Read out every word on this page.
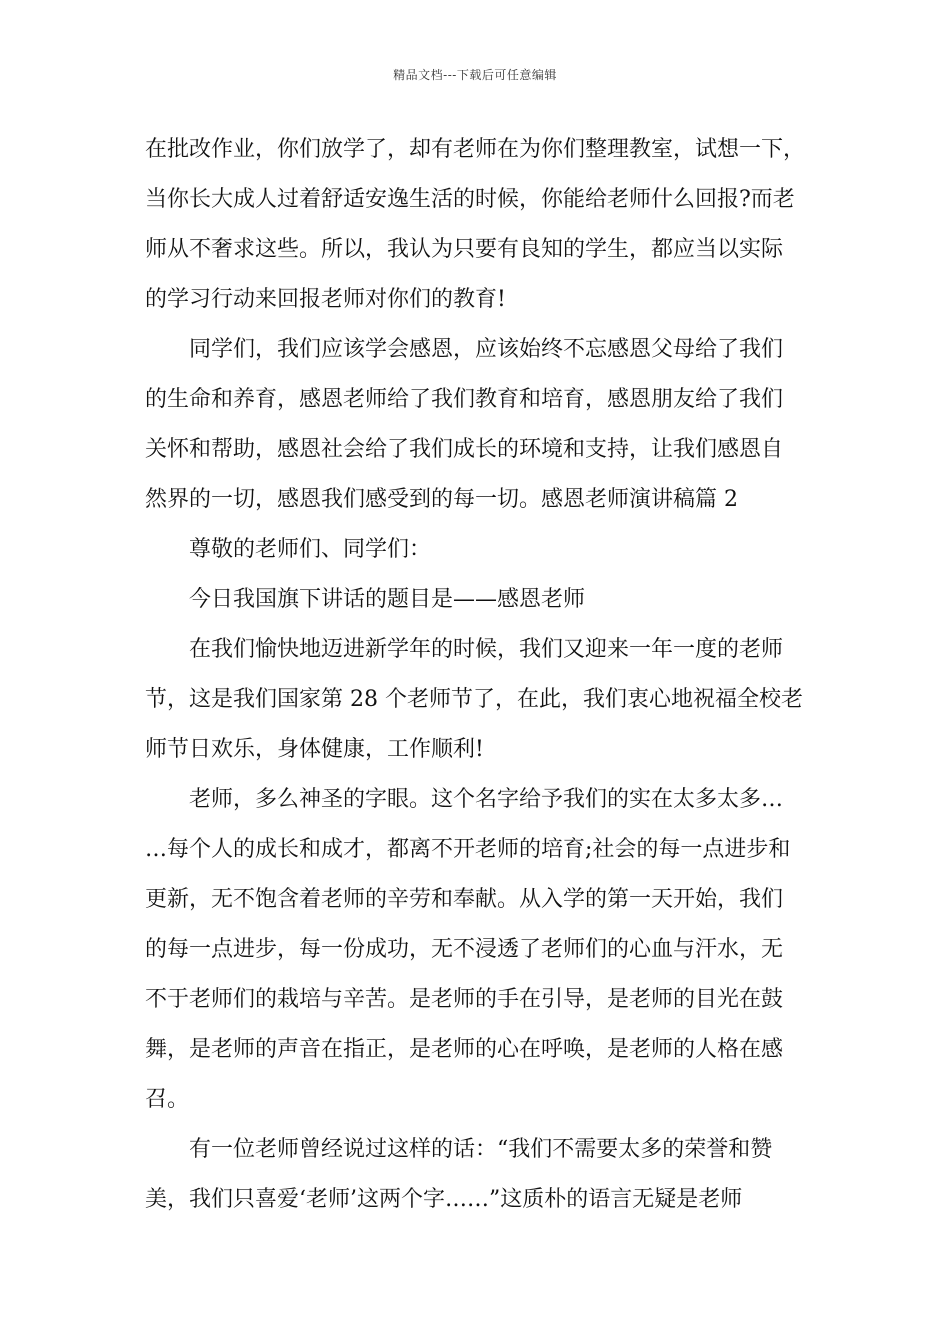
精品文档---下载后可任意编辑
在批改作业，你们放学了，却有老师在为你们整理教室，试想一下，
当你长大成人过着舒适安逸生活的时候，你能给老师什么回报?而老
师从不奢求这些。所以，我认为只要有良知的学生，都应当以实际
的学习行动来回报老师对你们的教育!
同学们，我们应该学会感恩，应该始终不忘感恩父母给了我们
的生命和养育，感恩老师给了我们教育和培育，感恩朋友给了我们
关怀和帮助，感恩社会给了我们成长的环境和支持，让我们感恩自
然界的一切，感恩我们感受到的每一切。感恩老师演讲稿篇 2
尊敬的老师们、同学们：
今日我国旗下讲话的题目是——感恩老师
在我们愉快地迈进新学年的时候，我们又迎来一年一度的老师
节，这是我们国家第 28 个老师节了，在此，我们衷心地祝福全校老
师节日欢乐，身体健康，工作顺利!
老师，多么神圣的字眼。这个名字给予我们的实在太多太多…
…每个人的成长和成才，都离不开老师的培育;社会的每一点进步和
更新，无不饱含着老师的辛劳和奉献。从入学的第一天开始，我们
的每一点进步，每一份成功，无不浸透了老师们的心血与汗水，无
不于老师们的栽培与辛苦。是老师的手在引导，是老师的目光在鼓
舞，是老师的声音在指正，是老师的心在呼唤，是老师的人格在感
召。
有一位老师曾经说过这样的话：“我们不需要太多的荣誉和赞
美，我们只喜爱‘老师’这两个字……”这质朴的语言无疑是老师
